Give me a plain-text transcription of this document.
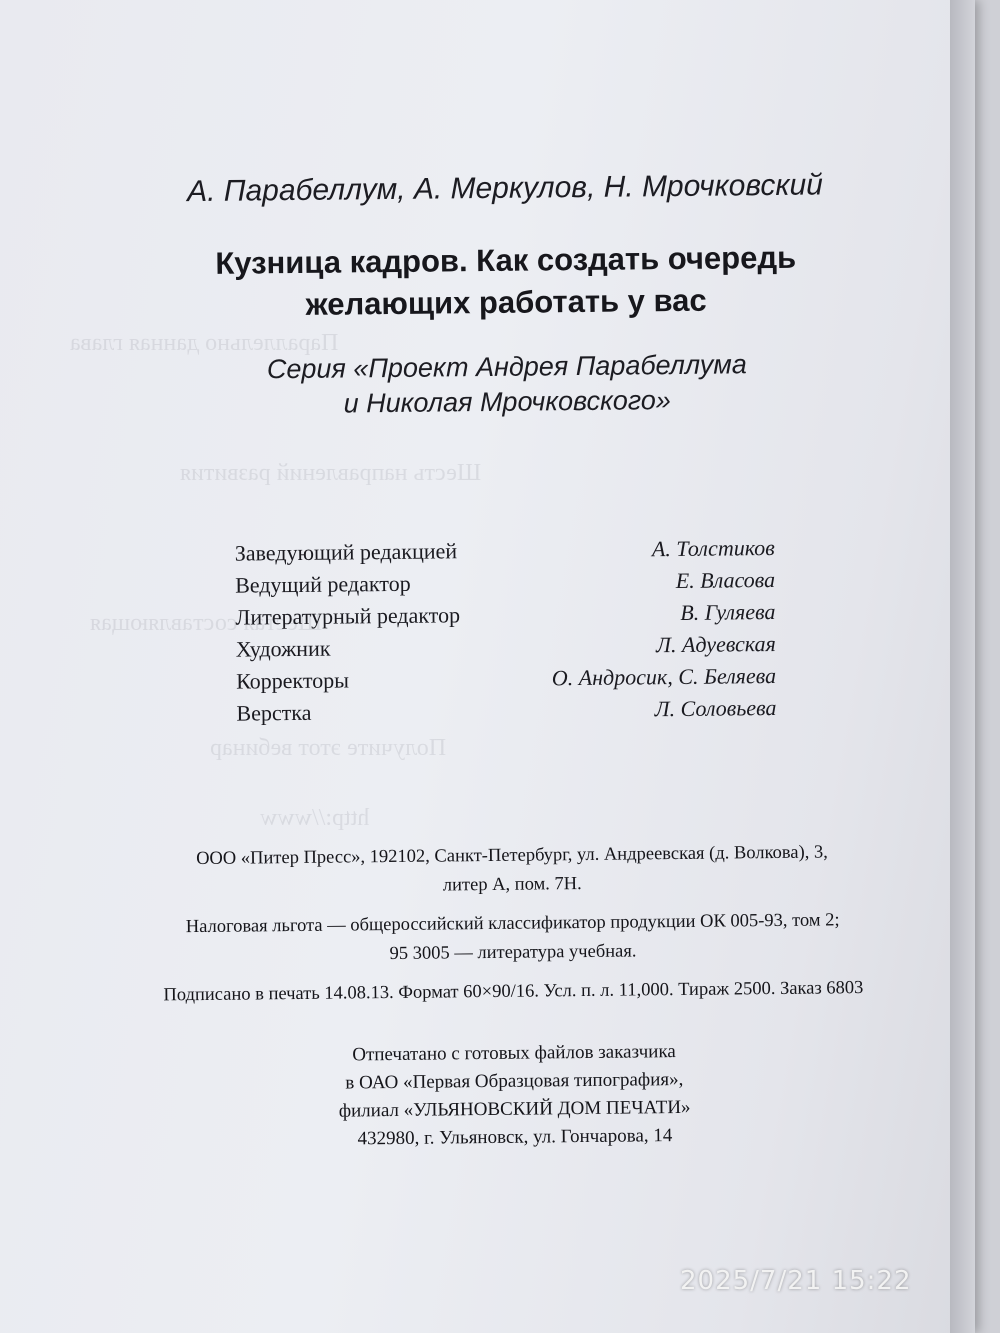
Параллельно данная глава
Шесть направлений развития
Шестая составляющая
Получите этот вебинар
http://www
А. Парабеллум, А. Меркулов, Н. Мрочковский
Кузница кадров. Как создать очередь
желающих работать у вас
Серия «Проект Андрея Парабеллума
и Николая Мрочковского»
Заведующий редакцией	А. Толстиков
Ведущий редактор	Е. Власова
Литературный редактор	В. Гуляева
Художник	Л. Адуевская
Корректоры	О. Андросик, С. Беляева
Верстка	Л. Соловьева

ООО «Питер Пресс», 192102, Санкт-Петербург, ул. Андреевская (д. Волкова), 3,
литер А, пом. 7Н.

Налоговая льгота — общероссийский классификатор продукции ОК 005-93, том 2;
95 3005 — литература учебная.

Подписано в печать 14.08.13. Формат 60×90/16. Усл. п. л. 11,000. Тираж 2500. Заказ 6803

Отпечатано с готовых файлов заказчика
в ОАО «Первая Образцовая типография»,
филиал «УЛЬЯНОВСКИЙ ДОМ ПЕЧАТИ»
432980, г. Ульяновск, ул. Гончарова, 14
2025/7/21 15:22
